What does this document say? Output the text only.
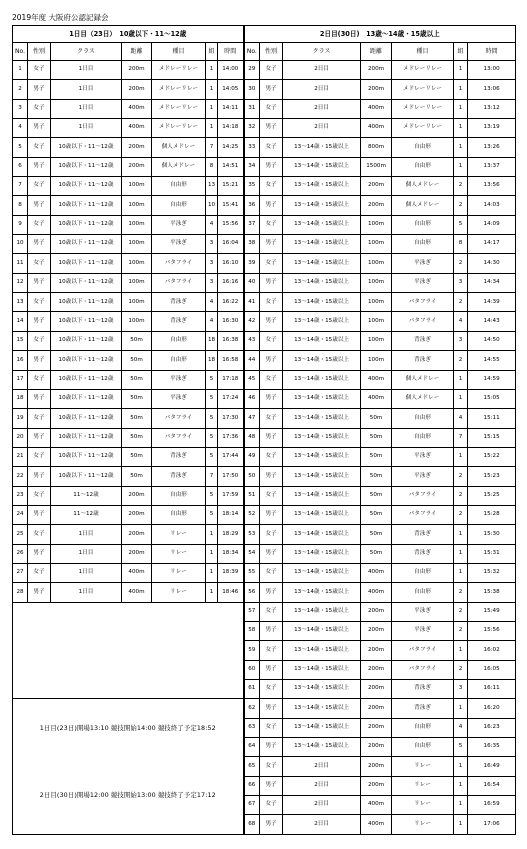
2019年度 大阪府公認記録会
1日目（23日）　10歳以下・11〜12歳							2日目(30日)　13歳〜14歳・15歳以上						
No.	性別	クラス	距離	種目	組	時間	No.	性別	クラス	距離	種目	組	時間
1	女子	1日目	200m	メドレーリレー	1	14:00	29	女子	2日目	200m	メドレーリレー	1	13:00
2	男子	1日目	200m	メドレーリレー	1	14:05	30	男子	2日目	200m	メドレーリレー	1	13:06
3	女子	1日目	400m	メドレーリレー	1	14:11	31	女子	2日目	400m	メドレーリレー	1	13:12
4	男子	1日目	400m	メドレーリレー	1	14:18	32	男子	2日目	400m	メドレーリレー	1	13:19
5	女子	10歳以下・11〜12歳	200m	個人メドレー	7	14:25	33	女子	13〜14歳・15歳以上	800m	自由形	1	13:26
6	男子	10歳以下・11〜12歳	200m	個人メドレー	8	14:51	34	男子	13〜14歳・15歳以上	1500m	自由形	1	13:37
7	女子	10歳以下・11〜12歳	100m	自由形	13	15:21	35	女子	13〜14歳・15歳以上	200m	個人メドレー	2	13:56
8	男子	10歳以下・11〜12歳	100m	自由形	10	15:41	36	男子	13〜14歳・15歳以上	200m	個人メドレー	2	14:03
9	女子	10歳以下・11〜12歳	100m	平泳ぎ	4	15:56	37	女子	13〜14歳・15歳以上	100m	自由形	5	14:09
10	男子	10歳以下・11〜12歳	100m	平泳ぎ	3	16:04	38	男子	13〜14歳・15歳以上	100m	自由形	8	14:17
11	女子	10歳以下・11〜12歳	100m	バタフライ	3	16:10	39	女子	13〜14歳・15歳以上	100m	平泳ぎ	2	14:30
12	男子	10歳以下・11〜12歳	100m	バタフライ	3	16:16	40	男子	13〜14歳・15歳以上	100m	平泳ぎ	3	14:34
13	女子	10歳以下・11〜12歳	100m	背泳ぎ	4	16:22	41	女子	13〜14歳・15歳以上	100m	バタフライ	2	14:39
14	男子	10歳以下・11〜12歳	100m	背泳ぎ	4	16:30	42	男子	13〜14歳・15歳以上	100m	バタフライ	4	14:43
15	女子	10歳以下・11〜12歳	50m	自由形	18	16:38	43	女子	13〜14歳・15歳以上	100m	背泳ぎ	3	14:50
16	男子	10歳以下・11〜12歳	50m	自由形	18	16:58	44	男子	13〜14歳・15歳以上	100m	背泳ぎ	2	14:55
17	女子	10歳以下・11〜12歳	50m	平泳ぎ	5	17:18	45	女子	13〜14歳・15歳以上	400m	個人メドレー	1	14:59
18	男子	10歳以下・11〜12歳	50m	平泳ぎ	5	17:24	46	男子	13〜14歳・15歳以上	400m	個人メドレー	1	15:05
19	女子	10歳以下・11〜12歳	50m	バタフライ	5	17:30	47	女子	13〜14歳・15歳以上	50m	自由形	4	15:11
20	男子	10歳以下・11〜12歳	50m	バタフライ	5	17:36	48	男子	13〜14歳・15歳以上	50m	自由形	7	15:15
21	女子	10歳以下・11〜12歳	50m	背泳ぎ	5	17:44	49	女子	13〜14歳・15歳以上	50m	平泳ぎ	1	15:22
22	男子	10歳以下・11〜12歳	50m	背泳ぎ	7	17:50	50	男子	13〜14歳・15歳以上	50m	平泳ぎ	2	15:23
23	女子	11〜12歳	200m	自由形	5	17:59	51	女子	13〜14歳・15歳以上	50m	バタフライ	2	15:25
24	男子	11〜12歳	200m	自由形	5	18:14	52	男子	13〜14歳・15歳以上	50m	バタフライ	2	15:28
25	女子	1日目	200m	リレー	1	18:29	53	女子	13〜14歳・15歳以上	50m	背泳ぎ	1	15:30
26	男子	1日目	200m	リレー	1	18:34	54	男子	13〜14歳・15歳以上	50m	背泳ぎ	1	15:31
27	女子	1日目	400m	リレー	1	18:39	55	女子	13〜14歳・15歳以上	400m	自由形	1	15:32
28	男子	1日目	400m	リレー	1	18:46	56	男子	13〜14歳・15歳以上	400m	自由形	2	15:38
							57	女子	13〜14歳・15歳以上	200m	平泳ぎ	2	15:49
							58	男子	13〜14歳・15歳以上	200m	平泳ぎ	2	15:56
							59	女子	13〜14歳・15歳以上	200m	バタフライ	1	16:02
							60	男子	13〜14歳・15歳以上	200m	バタフライ	2	16:05
							61	女子	13〜14歳・15歳以上	200m	背泳ぎ	3	16:11
1日目(23日)開場13:10 競技開始14:00 競技終了予定18:52							62	男子	13〜14歳・15歳以上	200m	背泳ぎ	1	16:20
							63	女子	13〜14歳・15歳以上	200m	自由形	4	16:23
							64	男子	13〜14歳・15歳以上	200m	自由形	5	16:35
2日目(30日)開場12:00 競技開始13:00 競技終了予定17:12							65	女子	2日目	200m	リレー	1	16:49
							66	男子	2日目	200m	リレー	1	16:54
							67	女子	2日目	400m	リレー	1	16:59
							68	男子	2日目	400m	リレー	1	17:06
